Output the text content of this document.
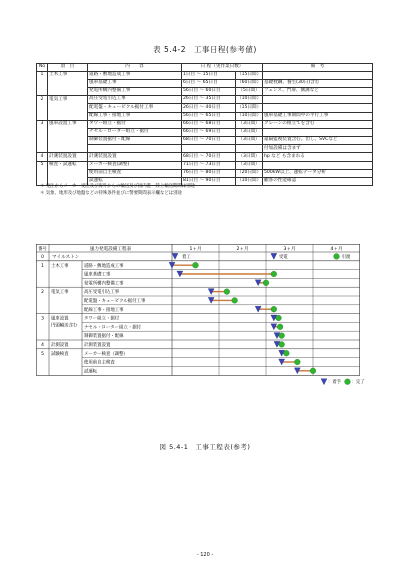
表 5.4-2　工事日程(参考値)
No	項　目	内　　容	日 程（実作業日数）		備　考
1	土木工事	道路・敷地造成工事	1日目 ～ 15日目	（15日間）	
		風車基礎工事	6日目 ～ 65日目	（60日間）	基礎枕鋼、養生(30日)含む
		発電所構内整備工事	56日目 ～ 60日目	（5日間）	フェンス、門扉、側溝など
2	電気工事	高圧受電引込工事	26日目 ～ 35日目	（10日間）	
		配電盤・キュービクル据付工事	26日目 ～ 40日目	（15日間）	
		配線工事・接地工事	56日目 ～ 65日目	（10日間）	風車基礎工事期間中の平行工事
3	風車設置工事	タワー組立・据付	66日目 ～ 68日目	（3日間）	クレーンの組立てを含む
		ナセル・ローター組立・据付	66日目 ～ 69日目	（3日間）	
		制御装置据付・配線	68日目 ～ 70日目	（3日間）	遠隔監視装置含む。但し、SVCなど
					付加設備は含まず
4	計測装置設置	計測装置設置	68日目 ～ 70日目	（3日間）	hp など も含まれる
5	検査・試運転	メーカー検査(調整)	71日目 ～ 73日目	（3日間）	
		使用前自主検査	76日目 ～ 80日目	（20日間）	500kW以上、運転データ分析
		試運転	81日目 ～ 90日目	（10日間）	顧客の性能確認
＊ 発注からメーカー受注及び海外からの輸送及び国内港・陸上輸送期間は別途
＊ 気象、地形及び地盤などの特殊条件並びに警要期間表示欄などは別途
番号	風力発電設備工程表	1ヶ月	2ヶ月	3ヶ月	4ヶ月
0 マイルストン	着工	受電	引渡
1 土木工事	道路・敷地造成工事
風車基礎工事
発電所構内整備工事
2 電気工事	高圧受電引込工事
配電盤・キュービクル据付工事
配線工事・接地工事
3 風車設置
円頭輸送含む
タワー組立・据付
ナセル・ローター組立・据付
制御装置据付・配線
4 計測設置	計測装置設置
5 試験検査	メーカー検査（調整）
使用前自主検査
試運転
：着手 ：完了
図 5.4-1　工事工程表(参考)
- 120 -
